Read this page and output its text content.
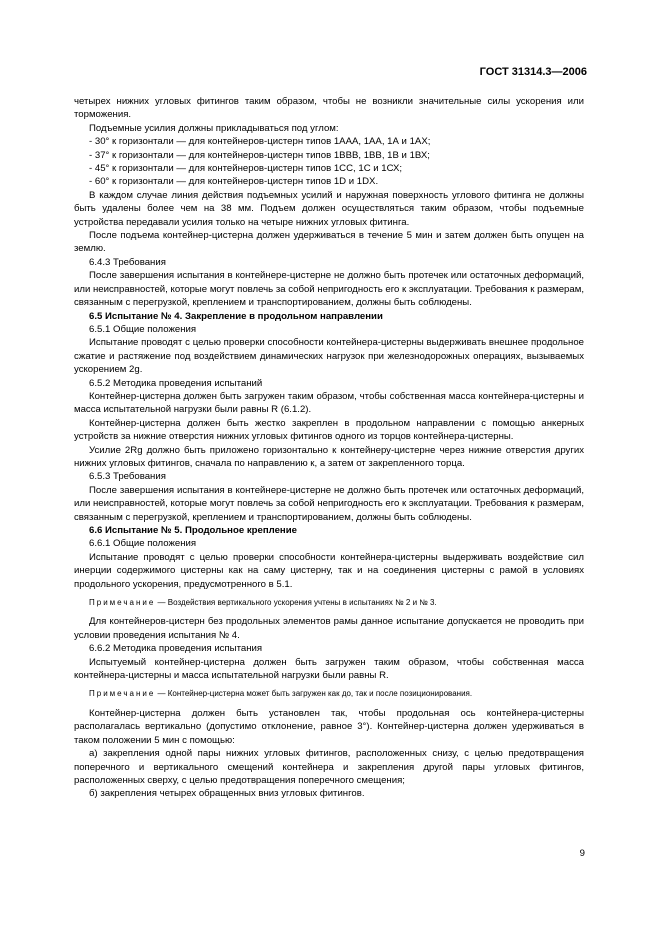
ГОСТ 31314.3—2006

четырех нижних угловых фитингов таким образом, чтобы не возникли значительные силы ускорения или торможения.

Подъемные усилия должны прикладываться под углом:

- 30° к горизонтали — для контейнеров-цистерн типов 1ААА, 1АА, 1А и 1АХ;

- 37° к горизонтали — для контейнеров-цистерн типов 1ВВВ, 1ВВ, 1В и 1ВХ;

- 45° к горизонтали — для контейнеров-цистерн типов 1СС, 1С и 1СХ;

- 60° к горизонтали — для контейнеров-цистерн типов 1D и 1DX.

В каждом случае линия действия подъемных усилий и наружная поверхность углового фитинга не должны быть удалены более чем на 38 мм. Подъем должен осуществляться таким образом, чтобы подъемные устройства передавали усилия только на четыре нижних угловых фитинга.

После подъема контейнер-цистерна должен удерживаться в течение 5 мин и затем должен быть опущен на землю.

6.4.3 Требования

После завершения испытания в контейнере-цистерне не должно быть протечек или остаточных деформаций, или неисправностей, которые могут повлечь за собой непригодность его к эксплуатации. Требования к размерам, связанным с перегрузкой, креплением и транспортированием, должны быть соблюдены.

6.5 Испытание № 4. Закрепление в продольном направлении

6.5.1 Общие положения

Испытание проводят с целью проверки способности контейнера-цистерны выдерживать внешнее продольное сжатие и растяжение под воздействием динамических нагрузок при железнодорожных операциях, вызываемых ускорением 2g.

6.5.2 Методика проведения испытаний

Контейнер-цистерна должен быть загружен таким образом, чтобы собственная масса контейнера-цистерны и масса испытательной нагрузки были равны R (6.1.2).

Контейнер-цистерна должен быть жестко закреплен в продольном направлении с помощью анкерных устройств за нижние отверстия нижних угловых фитингов одного из торцов контейнера-цистерны.

Усилие 2Rg должно быть приложено горизонтально к контейнеру-цистерне через нижние отверстия других нижних угловых фитингов, сначала по направлению к, а затем от закрепленного торца.

6.5.3 Требования

После завершения испытания в контейнере-цистерне не должно быть протечек или остаточных деформаций, или неисправностей, которые могут повлечь за собой непригодность его к эксплуатации. Требования к размерам, связанным с перегрузкой, креплением и транспортированием, должны быть соблюдены.

6.6 Испытание № 5. Продольное крепление

6.6.1 Общие положения

Испытание проводят с целью проверки способности контейнера-цистерны выдерживать воздействие сил инерции содержимого цистерны как на саму цистерну, так и на соединения цистерны с рамой в условиях продольного ускорения, предусмотренного в 5.1.

Примечание — Воздействия вертикального ускорения учтены в испытаниях № 2 и № 3.

Для контейнеров-цистерн без продольных элементов рамы данное испытание допускается не проводить при условии проведения испытания № 4.

6.6.2 Методика проведения испытания

Испытуемый контейнер-цистерна должен быть загружен таким образом, чтобы собственная масса контейнера-цистерны и масса испытательной нагрузки были равны R.

Примечание — Контейнер-цистерна может быть загружен как до, так и после позиционирования.

Контейнер-цистерна должен быть установлен так, чтобы продольная ось контейнера-цистерны располагалась вертикально (допустимо отклонение, равное 3°). Контейнер-цистерна должен удерживаться в таком положении 5 мин с помощью:

а) закрепления одной пары нижних угловых фитингов, расположенных снизу, с целью предотвращения поперечного и вертикального смещений контейнера и закрепления другой пары угловых фитингов, расположенных сверху, с целью предотвращения поперечного смещения;

б) закрепления четырех обращенных вниз угловых фитингов.

9
